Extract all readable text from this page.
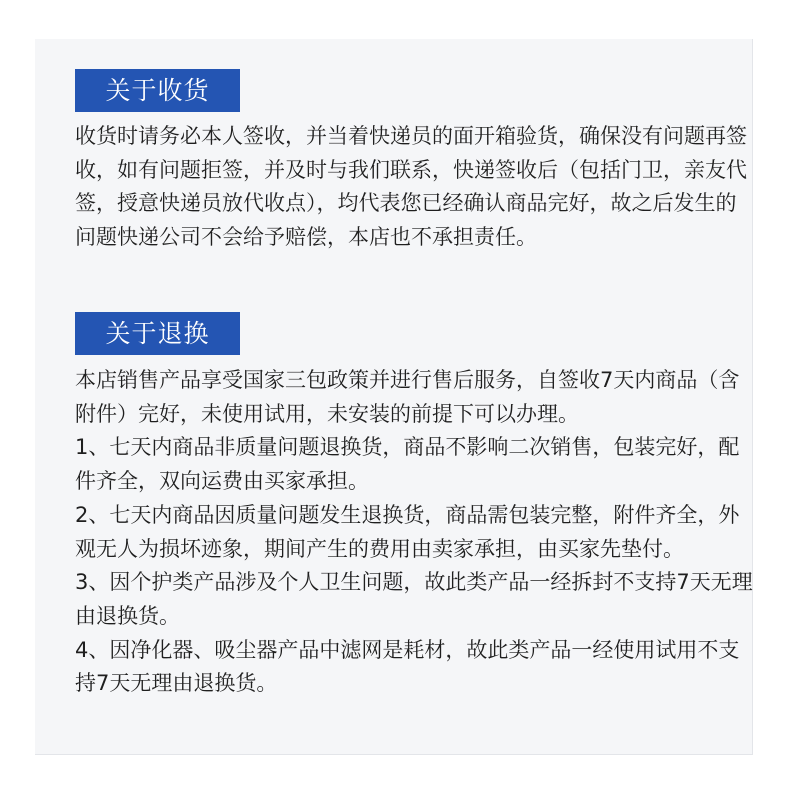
关于收货

收货时请务必本人签收，并当着快递员的面开箱验货，确保没有问题再签收，如有问题拒签，并及时与我们联系，快递签收后（包括门卫，亲友代签，授意快递员放代收点），均代表您已经确认商品完好，故之后发生的问题快递公司不会给予赔偿，本店也不承担责任。

关于退换

本店销售产品享受国家三包政策并进行售后服务，自签收7天内商品（含附件）完好，未使用试用，未安装的前提下可以办理。

1、七天内商品非质量问题退换货，商品不影响二次销售，包装完好，配件齐全，双向运费由买家承担。

2、七天内商品因质量问题发生退换货，商品需包装完整，附件齐全，外观无人为损坏迹象，期间产生的费用由卖家承担，由买家先垫付。

3、因个护类产品涉及个人卫生问题，故此类产品一经拆封不支持7天无理由退换货。

4、因净化器、吸尘器产品中滤网是耗材，故此类产品一经使用试用不支持7天无理由退换货。
